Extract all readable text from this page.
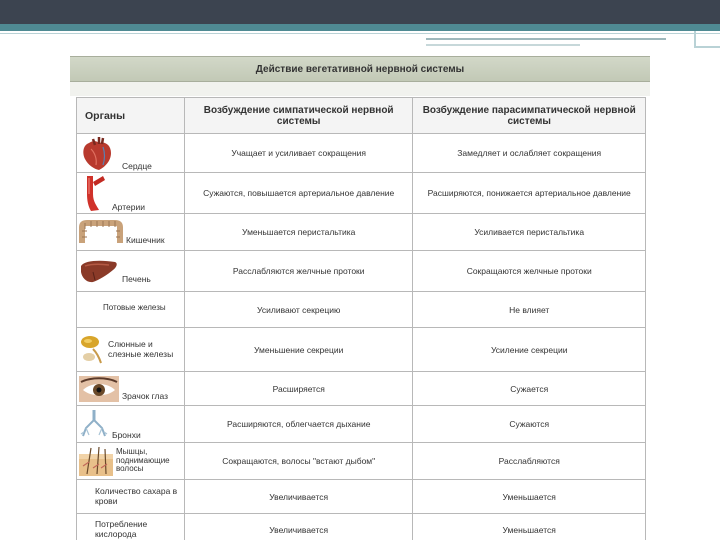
Действие вегетативной нервной системы
Органы	Возбуждение симпатической нервной системы	Возбуждение парасимпатической нервной системы

Сердце	Учащает и усиливает сокращения	Замедляет и ослабляет сокращения

Артерии	Сужаются, повышается артериальное давление	Расширяются, понижается артериальное давление

Кишечник	Уменьшается перистальтика	Усиливается перистальтика

Печень	Расслабляются желчные протоки	Сокращаются желчные протоки

Потовые железы	Усиливают секрецию	Не влияет

Слюнные и слезные железы	Уменьшение секреции	Усиление секреции

Зрачок глаз	Расширяется	Сужается

Бронхи	Расширяются, облегчается дыхание	Сужаются

Мышцы, поднимающие волосы	Сокращаются, волосы "встают дыбом"	Расслабляются

Количество сахара в крови	Увеличивается	Уменьшается

Потребление кислорода	Увеличивается	Уменьшается
